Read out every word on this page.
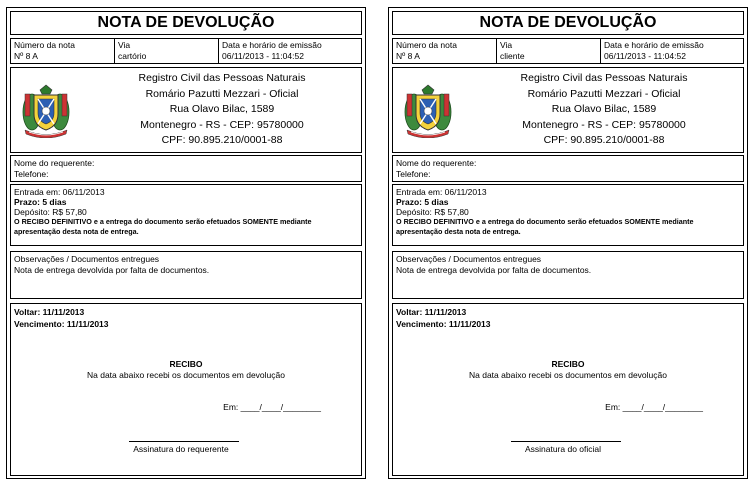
NOTA DE DEVOLUÇÃO
Número da nota
Nº 8 A
Via
cartório
Data e horário de emissão
06/11/2013 - 11:04:52
Registro Civil das Pessoas Naturais
Romário Pazutti Mezzari - Oficial
Rua Olavo Bilac, 1589
Montenegro - RS - CEP: 95780000
CPF: 90.895.210/0001-88
Nome do requerente:
Telefone:
Entrada em: 06/11/2013
Prazo: 5 dias
Depósito: R$ 57,80
O RECIBO DEFINITIVO e a entrega do documento serão efetuados SOMENTE mediante
apresentação desta nota de entrega.
Observações / Documentos entregues
Nota de entrega devolvida por falta de documentos.
Voltar: 11/11/2013
Vencimento: 11/11/2013
RECIBO
Na data abaixo recebi os documentos em devolução
Em: ____/____/________
Assinatura do requerente
NOTA DE DEVOLUÇÃO
Número da nota
Nº 8 A
Via
cliente
Data e horário de emissão
06/11/2013 - 11:04:52
Registro Civil das Pessoas Naturais
Romário Pazutti Mezzari - Oficial
Rua Olavo Bilac, 1589
Montenegro - RS - CEP: 95780000
CPF: 90.895.210/0001-88
Nome do requerente:
Telefone:
Entrada em: 06/11/2013
Prazo: 5 dias
Depósito: R$ 57,80
O RECIBO DEFINITIVO e a entrega do documento serão efetuados SOMENTE mediante
apresentação desta nota de entrega.
Observações / Documentos entregues
Nota de entrega devolvida por falta de documentos.
Voltar: 11/11/2013
Vencimento: 11/11/2013
RECIBO
Na data abaixo recebi os documentos em devolução
Em: ____/____/________
Assinatura do oficial
